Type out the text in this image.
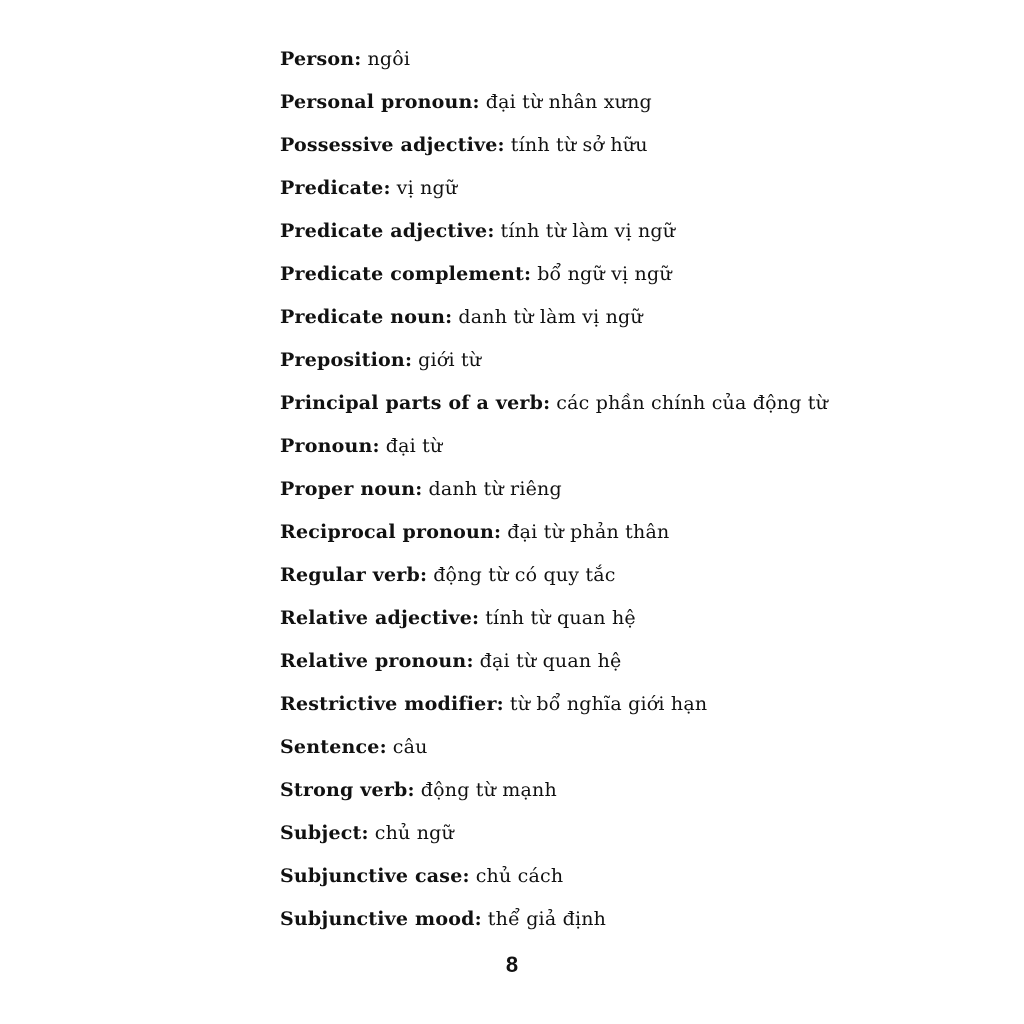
Person: ngôi
Personal pronoun: đại từ nhân xưng
Possessive adjective: tính từ sở hữu
Predicate: vị ngữ
Predicate adjective: tính từ làm vị ngữ
Predicate complement: bổ ngữ vị ngữ
Predicate noun: danh từ làm vị ngữ
Preposition: giới từ
Principal parts of a verb: các phần chính của động từ
Pronoun: đại từ
Proper noun: danh từ riêng
Reciprocal pronoun: đại từ phản thân
Regular verb: động từ có quy tắc
Relative adjective: tính từ quan hệ
Relative pronoun: đại từ quan hệ
Restrictive modifier: từ bổ nghĩa giới hạn
Sentence: câu
Strong verb: động từ mạnh
Subject: chủ ngữ
Subjunctive case: chủ cách
Subjunctive mood: thể giả định
8
